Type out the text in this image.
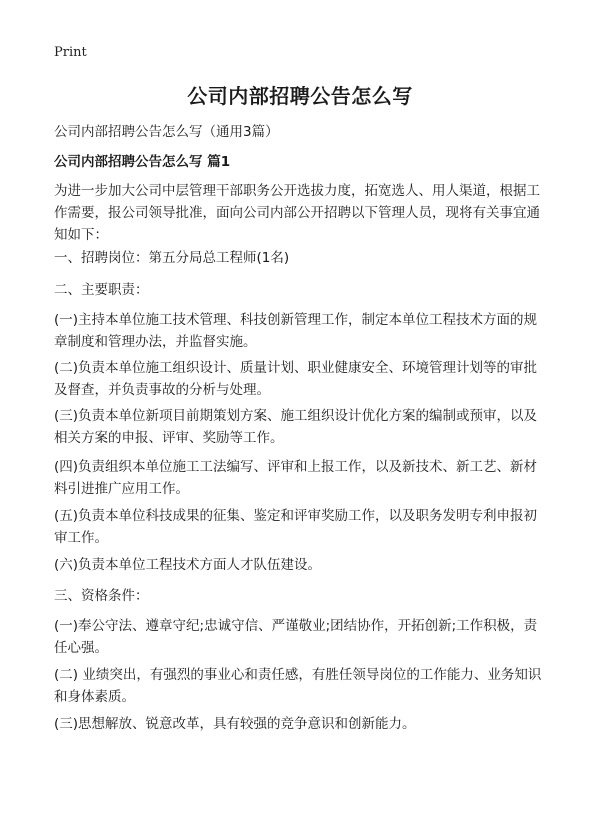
Print
公司内部招聘公告怎么写
公司内部招聘公告怎么写（通用3篇）
公司内部招聘公告怎么写 篇1

为进一步加大公司中层管理干部职务公开选拔力度，拓宽选人、用人渠道，根据工作需要，报公司领导批准，面向公司内部公开招聘以下管理人员，现将有关事宜通知如下：

一、招聘岗位：第五分局总工程师(1名)

二、主要职责：

(一)主持本单位施工技术管理、科技创新管理工作，制定本单位工程技术方面的规章制度和管理办法，并监督实施。

(二)负责本单位施工组织设计、质量计划、职业健康安全、环境管理计划等的审批及督查，并负责事故的分析与处理。

(三)负责本单位新项目前期策划方案、施工组织设计优化方案的编制或预审，以及相关方案的申报、评审、奖励等工作。

(四)负责组织本单位施工工法编写、评审和上报工作，以及新技术、新工艺、新材料引进推广应用工作。

(五)负责本单位科技成果的征集、鉴定和评审奖励工作，以及职务发明专利申报初审工作。

(六)负责本单位工程技术方面人才队伍建设。

三、资格条件：

(一)奉公守法、遵章守纪;忠诚守信、严谨敬业;团结协作，开拓创新;工作积极，责任心强。

(二) 业绩突出，有强烈的事业心和责任感，有胜任领导岗位的工作能力、业务知识和身体素质。

(三)思想解放、锐意改革，具有较强的竞争意识和创新能力。
